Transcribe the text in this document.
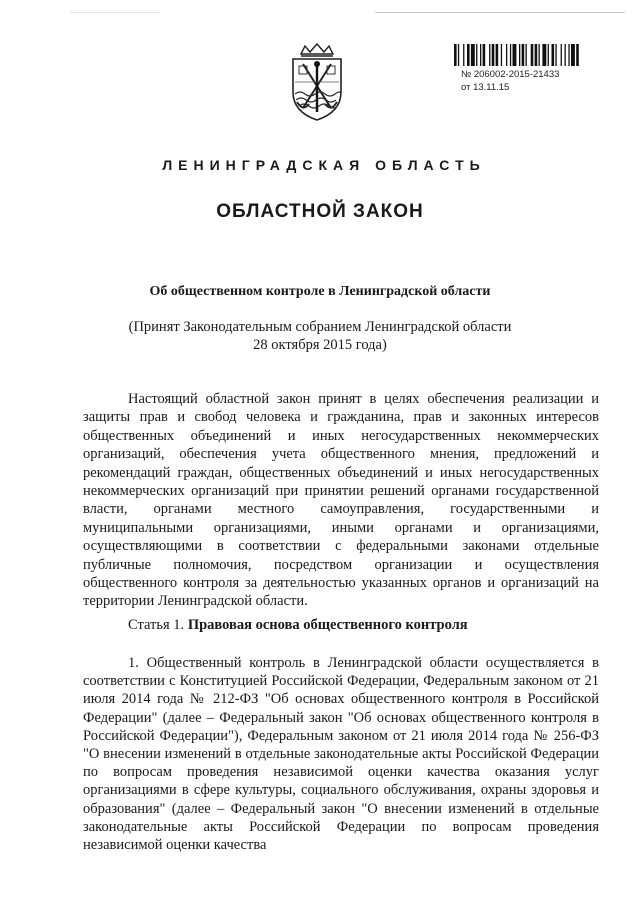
№ 206002-2015-21433
от 13.11.15
ЛЕНИНГРАДСКАЯ ОБЛАСТЬ
ОБЛАСТНОЙ ЗАКОН
Об общественном контроле в Ленинградской области
(Принят Законодательным собранием Ленинградской области
28 октября 2015 года)

Настоящий областной закон принят в целях обеспечения реализации и защиты прав и свобод человека и гражданина, прав и законных интересов общественных объединений и иных негосударственных некоммерческих организаций, обеспечения учета общественного мнения, предложений и рекомендаций граждан, общественных объединений и иных негосударственных некоммерческих организаций при принятии решений органами государственной власти, органами местного самоуправления, государственными и муниципальными организациями, иными органами и организациями, осуществляющими в соответствии с федеральными законами отдельные публичные полномочия, посредством организации и осуществления общественного контроля за деятельностью указанных органов и организаций на территории Ленинградской области.

Статья 1. Правовая основа общественного контроля

1. Общественный контроль в Ленинградской области осуществляется в соответствии с Конституцией Российской Федерации, Федеральным законом от 21 июля 2014 года № 212-ФЗ "Об основах общественного контроля в Российской Федерации" (далее – Федеральный закон "Об основах общественного контроля в Российской Федерации"), Федеральным законом от 21 июля 2014 года № 256-ФЗ "О внесении изменений в отдельные законодательные акты Российской Федерации по вопросам проведения независимой оценки качества оказания услуг организациями в сфере культуры, социального обслуживания, охраны здоровья и образования" (далее – Федеральный закон "О внесении изменений в отдельные законодательные акты Российской Федерации по вопросам проведения независимой оценки качества
